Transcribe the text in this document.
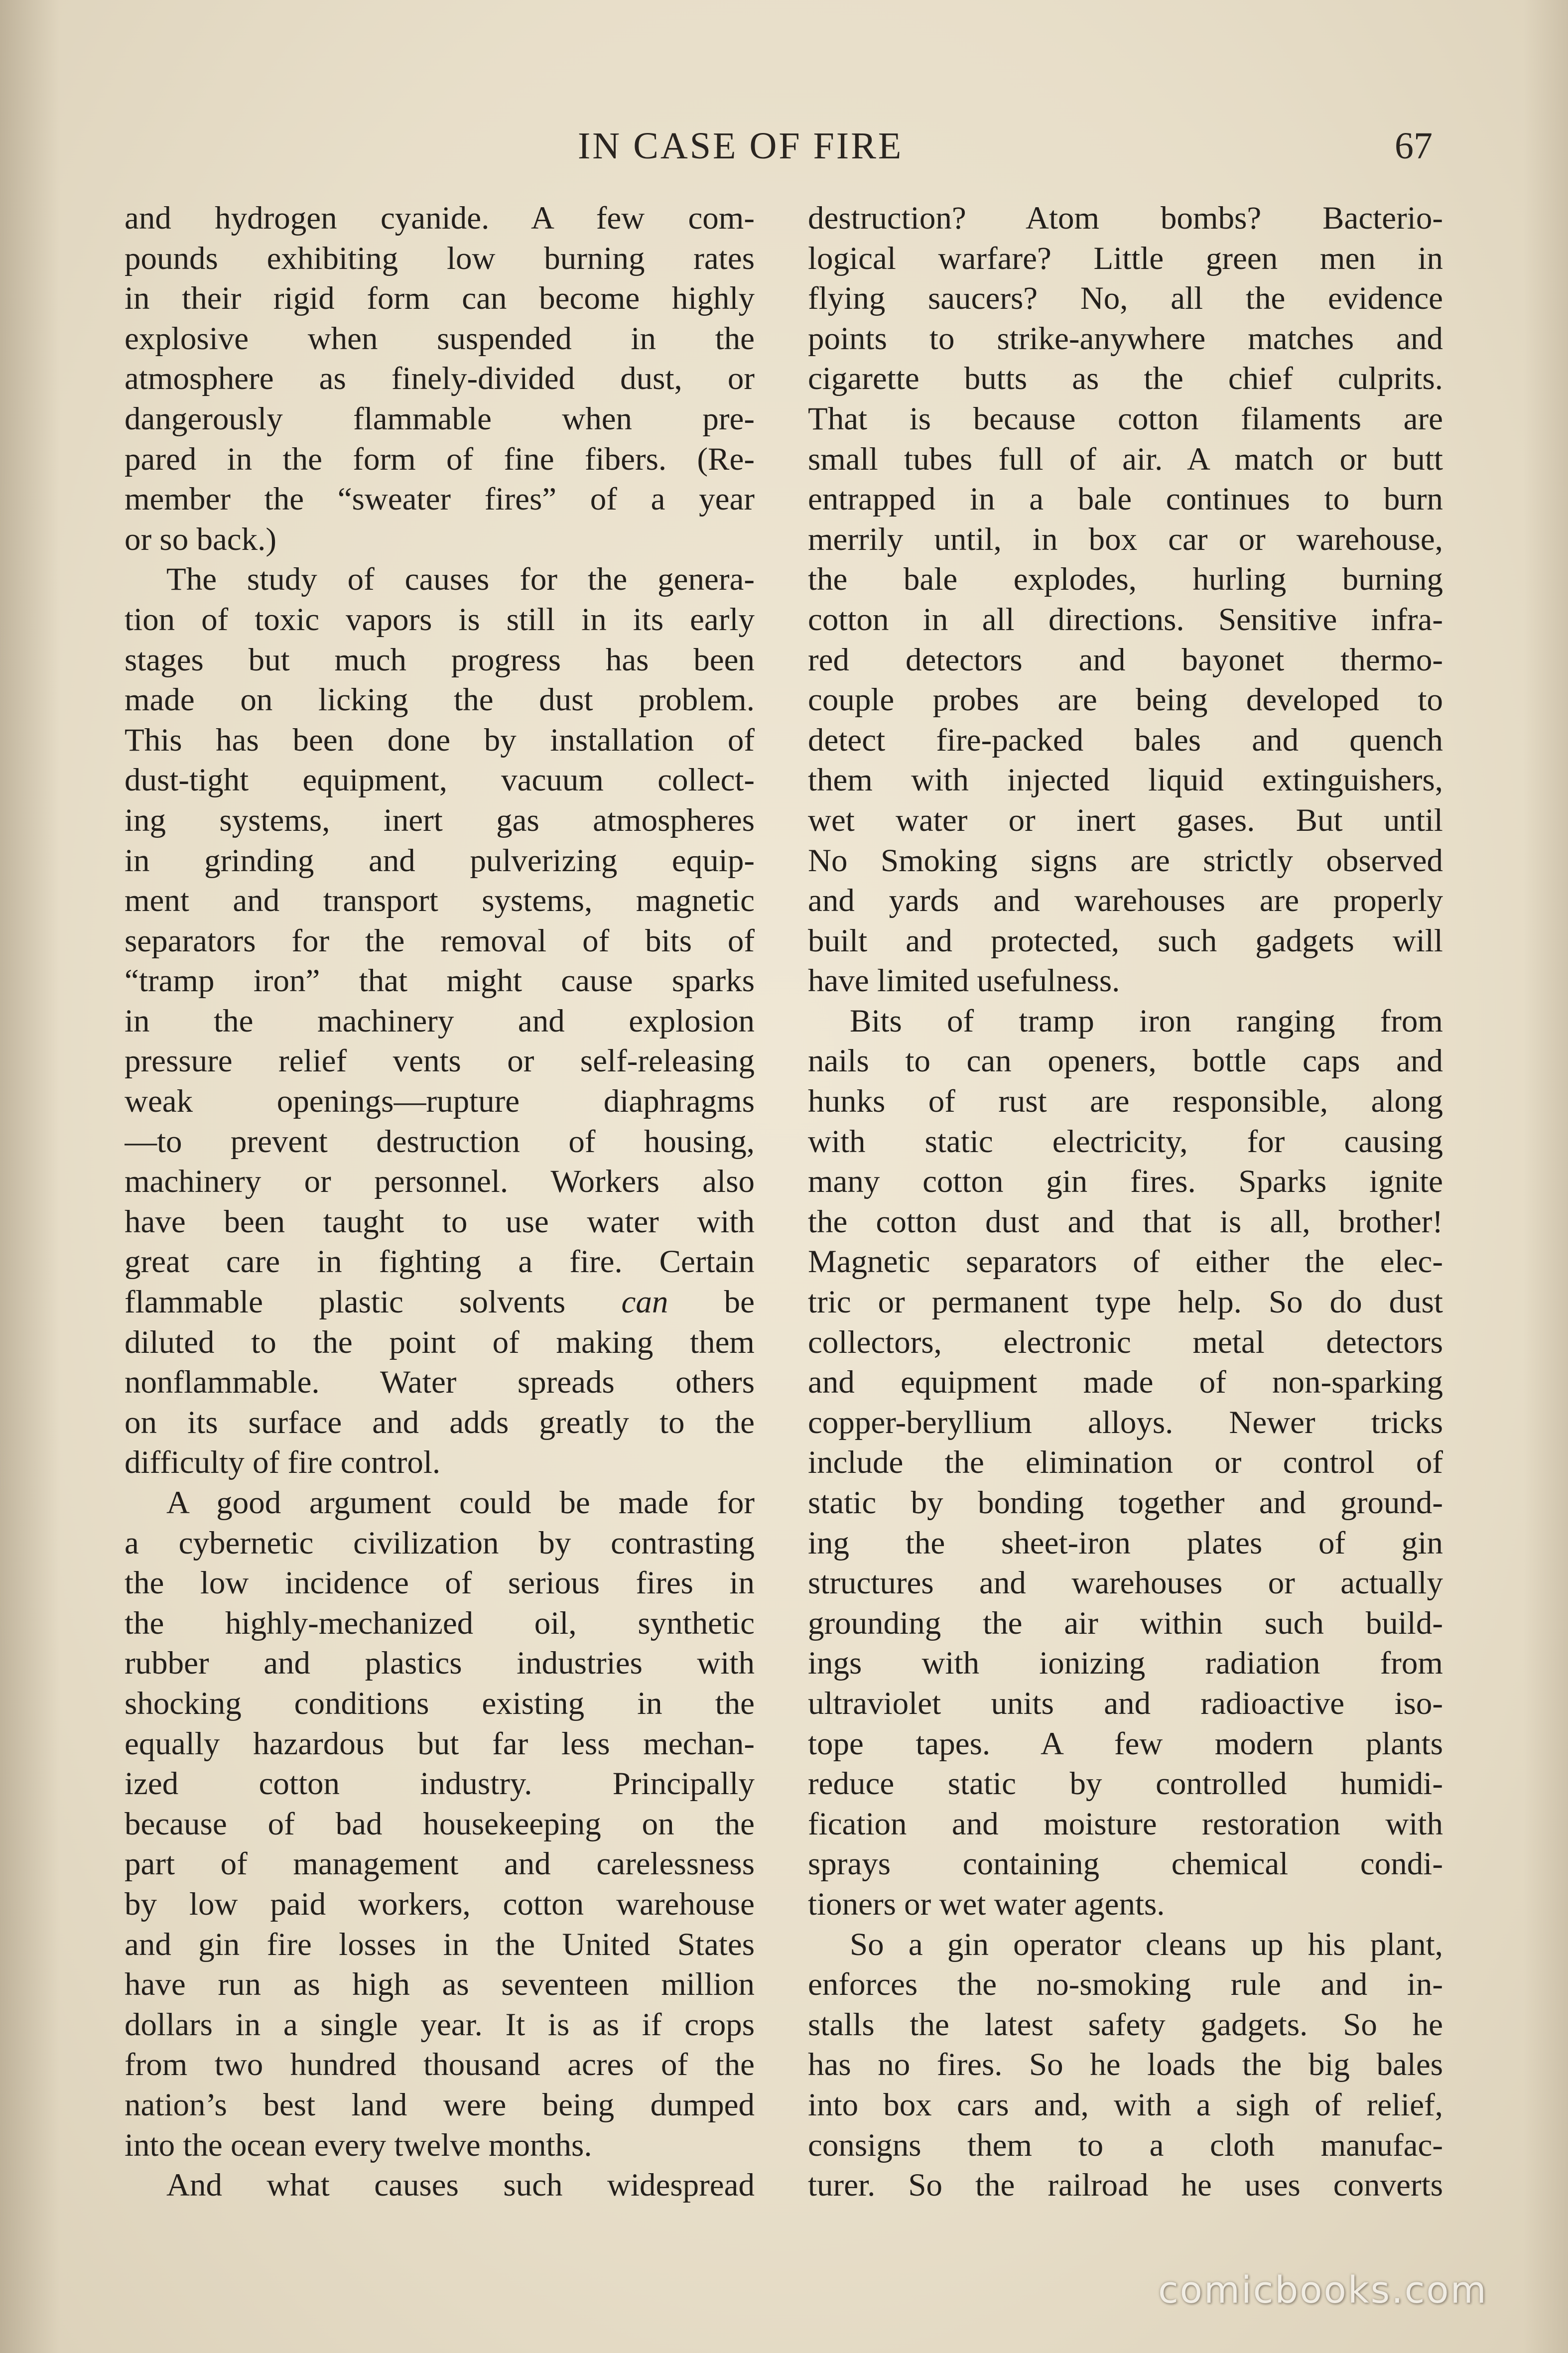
IN CASE OF FIRE	67
and hydrogen cyanide. A few com-
pounds exhibiting low burning rates
in their rigid form can become highly
explosive when suspended in the
atmosphere as finely-divided dust, or
dangerously flammable when pre-
pared in the form of fine fibers. (Re-
member the “sweater fires” of a year
or so back.)
The study of causes for the genera-
tion of toxic vapors is still in its early
stages but much progress has been
made on licking the dust problem.
This has been done by installation of
dust-tight equipment, vacuum collect-
ing systems, inert gas atmospheres
in grinding and pulverizing equip-
ment and transport systems, magnetic
separators for the removal of bits of
“tramp iron” that might cause sparks
in the machinery and explosion
pressure relief vents or self-releasing
weak openings—rupture diaphragms
—to prevent destruction of housing,
machinery or personnel. Workers also
have been taught to use water with
great care in fighting a fire. Certain
flammable plastic solvents can be
diluted to the point of making them
nonflammable. Water spreads others
on its surface and adds greatly to the
difficulty of fire control.
A good argument could be made for
a cybernetic civilization by contrasting
the low incidence of serious fires in
the highly-mechanized oil, synthetic
rubber and plastics industries with
shocking conditions existing in the
equally hazardous but far less mechan-
ized cotton industry. Principally
because of bad housekeeping on the
part of management and carelessness
by low paid workers, cotton warehouse
and gin fire losses in the United States
have run as high as seventeen million
dollars in a single year. It is as if crops
from two hundred thousand acres of the
nation’s best land were being dumped
into the ocean every twelve months.
And what causes such widespread
destruction? Atom bombs? Bacterio-
logical warfare? Little green men in
flying saucers? No, all the evidence
points to strike-anywhere matches and
cigarette butts as the chief culprits.
That is because cotton filaments are
small tubes full of air. A match or butt
entrapped in a bale continues to burn
merrily until, in box car or warehouse,
the bale explodes, hurling burning
cotton in all directions. Sensitive infra-
red detectors and bayonet thermo-
couple probes are being developed to
detect fire-packed bales and quench
them with injected liquid extinguishers,
wet water or inert gases. But until
No Smoking signs are strictly observed
and yards and warehouses are properly
built and protected, such gadgets will
have limited usefulness.
Bits of tramp iron ranging from
nails to can openers, bottle caps and
hunks of rust are responsible, along
with static electricity, for causing
many cotton gin fires. Sparks ignite
the cotton dust and that is all, brother!
Magnetic separators of either the elec-
tric or permanent type help. So do dust
collectors, electronic metal detectors
and equipment made of non-sparking
copper-beryllium alloys. Newer tricks
include the elimination or control of
static by bonding together and ground-
ing the sheet-iron plates of gin
structures and warehouses or actually
grounding the air within such build-
ings with ionizing radiation from
ultraviolet units and radioactive iso-
tope tapes. A few modern plants
reduce static by controlled humidi-
fication and moisture restoration with
sprays containing chemical condi-
tioners or wet water agents.
So a gin operator cleans up his plant,
enforces the no-smoking rule and in-
stalls the latest safety gadgets. So he
has no fires. So he loads the big bales
into box cars and, with a sigh of relief,
consigns them to a cloth manufac-
turer. So the railroad he uses converts
comicbooks.com
